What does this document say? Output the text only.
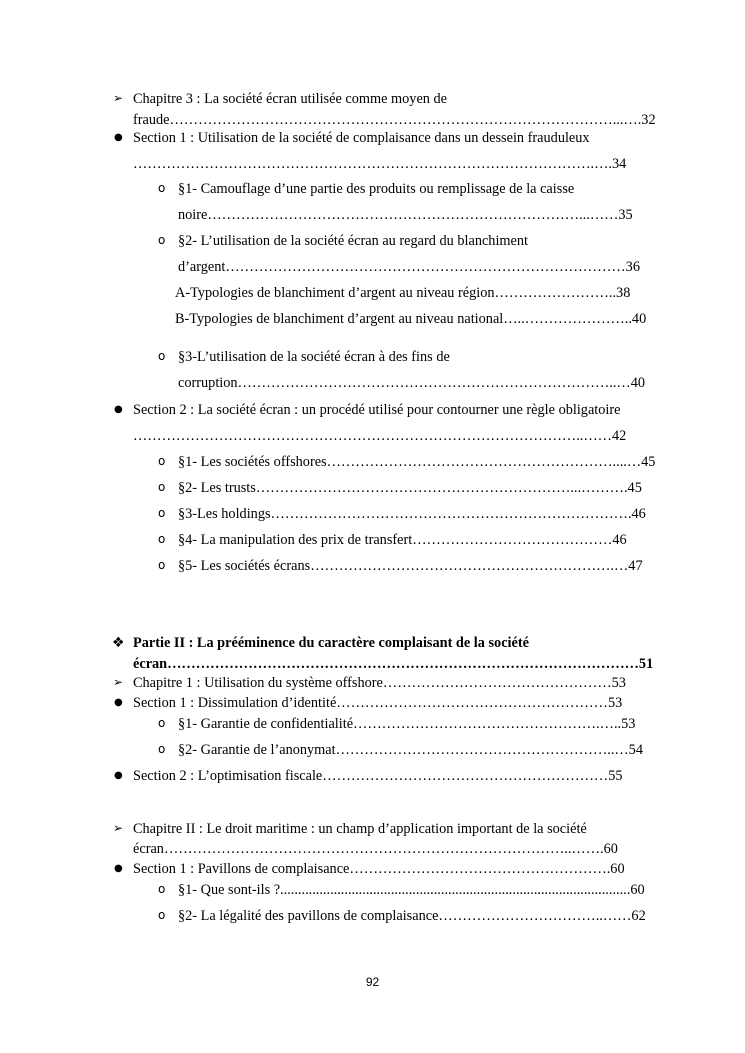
➢ Chapitre 3 : La société écran utilisée comme moyen de
fraude…………………………………………………………………………………...….32
● Section 1 : Utilisation de la société de complaisance dans un dessein frauduleux
…………………………………………………………………………………….….34
o §1- Camouflage d’une partie des produits ou remplissage de la caisse
noire……………………………………………………………………...……35
o §2- L’utilisation de la société écran au regard du blanchiment
d’argent…………………………………………………………………………36
A-Typologies de blanchiment d’argent au niveau région……………………..38
B-Typologies de blanchiment d’argent au niveau national…..…………………..40
o §3-L’utilisation de la société écran à des fins de
corruption……………………………………………………………………..…40
● Section 2 : La société écran : un procédé utilisé pour contourner une règle obligatoire
…………………………………………………………………………………..……42
o §1- Les sociétés offshores……………………………………………………....…45
o §2- Les trusts…………………………………………………………...……….45
o §3-Les holdings………………………………………………………………….46
o §4- La manipulation des prix de transfert……………………………………46
o §5- Les sociétés écrans……………………………………………………….…47
❖ Partie II : La prééminence du caractère complaisant de la société
écran………………………………………………………………………………………51
➢ Chapitre 1 : Utilisation du système offshore…………………………………………53
● Section 1 : Dissimulation d’identité…………………………………………………53
o §1- Garantie de confidentialité…………………………………………….…..53
o §2- Garantie de l’anonymat…………………………………………………..…54
● Section 2 : L’optimisation fiscale……………………………………………………55
➢ Chapitre II : Le droit maritime : un champ d’application important de la société
écran…………………………………………………………………………..…….60
● Section 1 : Pavillons de complaisance……………………………………………….60
o §1- Que sont-ils ?..................................................................................................60
o §2- La légalité des pavillons de complaisance……………………………..……62
92
